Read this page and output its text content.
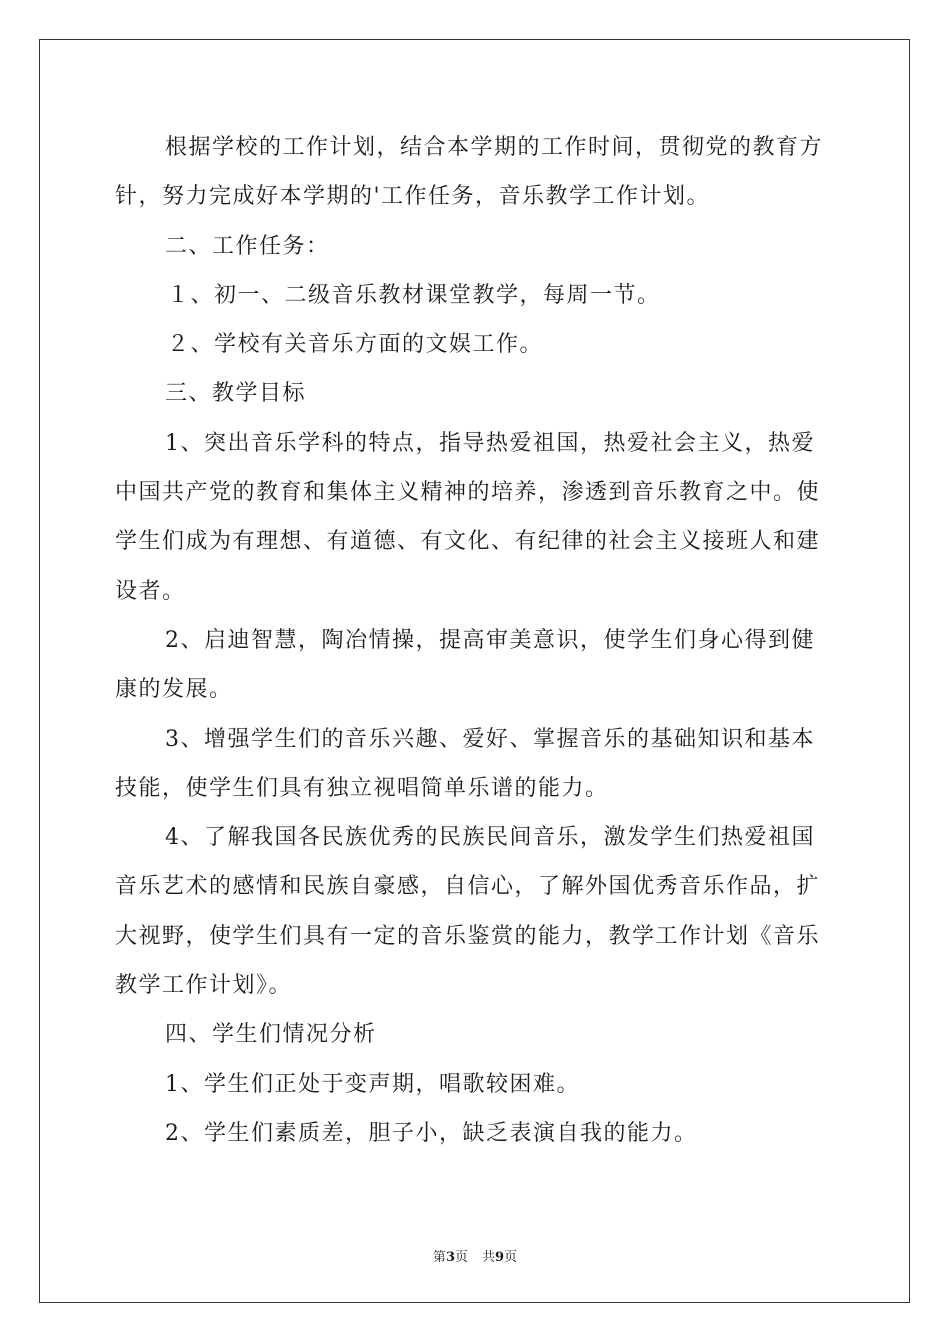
根据学校的工作计划，结合本学期的工作时间，贯彻党的教育方

针，努力完成好本学期的'工作任务，音乐教学工作计划。

二、工作任务：

１、初一、二级音乐教材课堂教学，每周一节。

２、学校有关音乐方面的文娱工作。

三、教学目标

1、突出音乐学科的特点，指导热爱祖国，热爱社会主义，热爱

中国共产党的教育和集体主义精神的培养，渗透到音乐教育之中。使

学生们成为有理想、有道德、有文化、有纪律的社会主义接班人和建

设者。

2、启迪智慧，陶冶情操，提高审美意识，使学生们身心得到健

康的发展。

3、增强学生们的音乐兴趣、爱好、掌握音乐的基础知识和基本

技能，使学生们具有独立视唱简单乐谱的能力。

4、了解我国各民族优秀的民族民间音乐，激发学生们热爱祖国

音乐艺术的感情和民族自豪感，自信心，了解外国优秀音乐作品，扩

大视野，使学生们具有一定的音乐鉴赏的能力，教学工作计划《音乐

教学工作计划》。

四、学生们情况分析

1、学生们正处于变声期，唱歌较困难。

2、学生们素质差，胆子小，缺乏表演自我的能力。

第3页 共9页
